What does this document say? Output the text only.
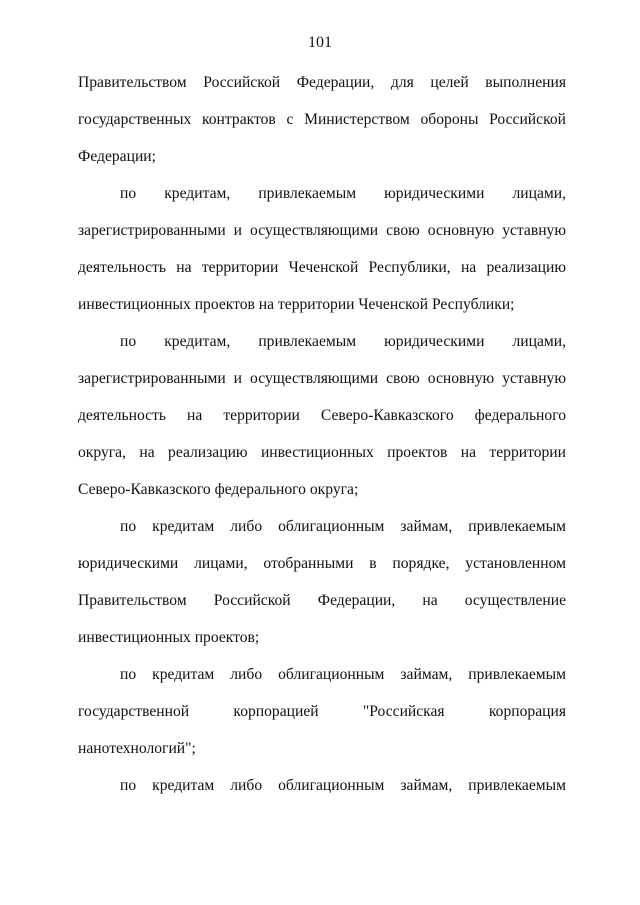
101
Правительством Российской Федерации, для целей выполнения
государственных контрактов с Министерством обороны Российской
Федерации;
по кредитам, привлекаемым юридическими лицами,
зарегистрированными и осуществляющими свою основную уставную
деятельность на территории Чеченской Республики, на реализацию
инвестиционных проектов на территории Чеченской Республики;
по кредитам, привлекаемым юридическими лицами,
зарегистрированными и осуществляющими свою основную уставную
деятельность на территории Северо-Кавказского федерального
округа, на реализацию инвестиционных проектов на территории
Северо-Кавказского федерального округа;
по кредитам либо облигационным займам, привлекаемым
юридическими лицами, отобранными в порядке, установленном
Правительством Российской Федерации, на осуществление
инвестиционных проектов;
по кредитам либо облигационным займам, привлекаемым
государственной корпорацией "Российская корпорация
нанотехнологий";
по кредитам либо облигационным займам, привлекаемым
